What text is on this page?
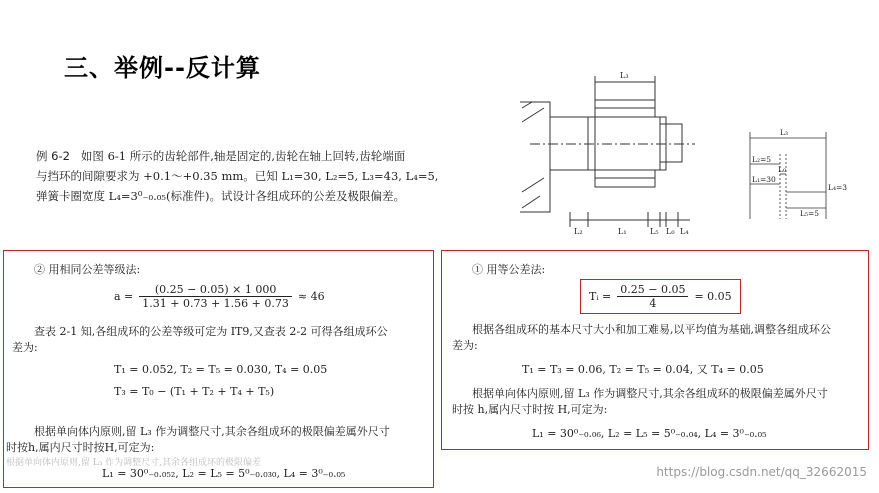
三、举例--反计算

例 6-2 如图 6-1 所示的齿轮部件,轴是固定的,齿轮在轴上回转,齿轮端面

与挡环的间隙要求为 +0.1～+0.35 mm。已知 L₁=30, L₂=5, L₃=43, L₄=5,

弹簧卡圈宽度 L₄=3⁰₋₀.₀₅(标准件)。试设计各组成环的公差及极限偏差。

L₃
L₁
L₂	L₄
L₅ L₀
L₃
L₂=5
L₀
L₁=30
L₄=3
L₅=5
② 用相同公差等级法:
$a = \frac{(0.25 - 0.05) \times 1 000}{1.31 + 0.73 + 1.56 + 0.73} \approx 46$
查表 2-1 知,各组成环的公差等级可定为 IT9,又查表 2-2 可得各组成环公
差为:
T₁ = 0.052, T₂ = T₅ = 0.030, T₄ = 0.05
T₃ = T₀ − (T₁ + T₂ + T₄ + T₅)
根据单向体内原则,留 L₃ 作为调整尺寸,其余各组成环的极限偏差属外尺寸
时按h,属内尺寸时按H,可定为:
根据单向体内原则,留 L₃ 作为调整尺寸,其余各组成环的极限偏差
L₁ = 30⁰₋₀.₀₅₂, L₂ = L₅ = 5⁰₋₀.₀₃₀, L₄ = 3⁰₋₀.₀₅
① 用等公差法:
Tᵢ = $\frac{0.25 - 0.05}{4} = 0.05$
根据各组成环的基本尺寸大小和加工难易,以平均值为基础,调整各组成环公
差为:
T₁ = T₃ = 0.06, T₂ = T₅ = 0.04, 又 T₄ = 0.05
根据单向体内原则,留 L₃ 作为调整尺寸,其余各组成环的极限偏差属外尺寸
时按 h,属内尺寸时按 H,可定为:
L₁ = 30⁰₋₀.₀₆, L₂ = L₅ = 5⁰₋₀.₀₄, L₄ = 3⁰₋₀.₀₅
https://blog.csdn.net/qq_32662015
